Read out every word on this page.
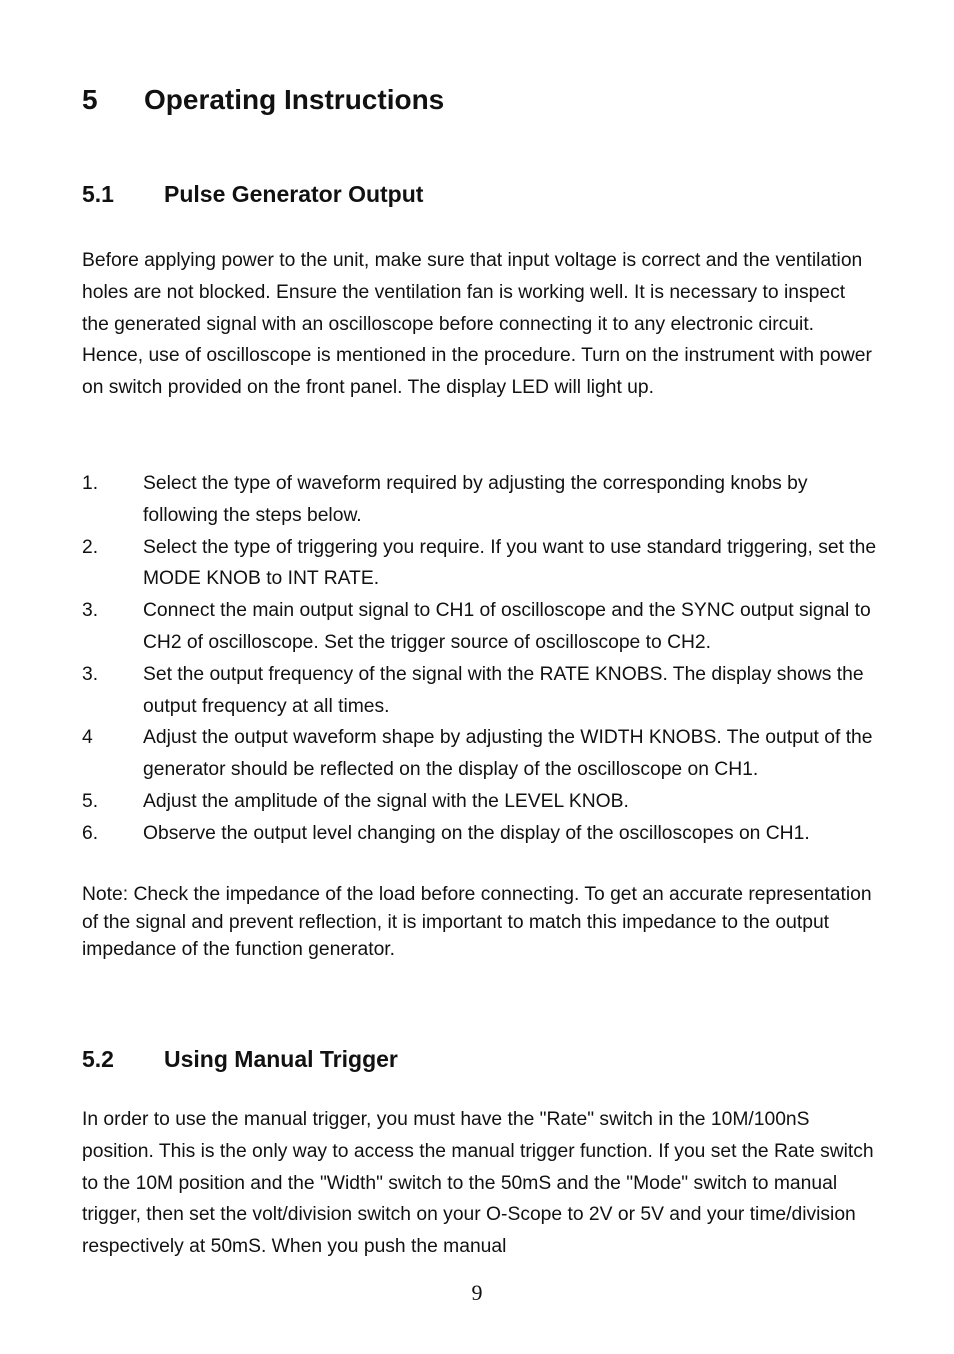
5 Operating Instructions
5.1 Pulse Generator Output
Before applying power to the unit, make sure that input voltage is correct and the ventilation holes are not blocked. Ensure the ventilation fan is working well. It is necessary to inspect the generated signal with an oscilloscope before connecting it to any electronic circuit. Hence, use of oscilloscope is mentioned in the procedure. Turn on the instrument with power on switch provided on the front panel. The display LED will light up.
1. Select the type of waveform required by adjusting the corresponding knobs by following the steps below.
2. Select the type of triggering you require. If you want to use standard triggering, set the MODE KNOB to INT RATE.
3. Connect the main output signal to CH1 of oscilloscope and the SYNC output signal to CH2 of oscilloscope. Set the trigger source of oscilloscope to CH2.
3. Set the output frequency of the signal with the RATE KNOBS. The display shows the output frequency at all times.
4	Adjust the output waveform shape by adjusting the WIDTH KNOBS. The output of the generator should be reflected on the display of the oscilloscope on CH1.
5. Adjust the amplitude of the signal with the LEVEL KNOB.
6. Observe the output level changing on the display of the oscilloscopes on CH1.
Note: Check the impedance of the load before connecting. To get an accurate representation of the signal and prevent reflection, it is important to match this impedance to the output impedance of the function generator.
5.2 Using Manual Trigger
In order to use the manual trigger, you must have the "Rate" switch in the 10M/100nS position. This is the only way to access the manual trigger function. If you set the Rate switch to the 10M position and the "Width" switch to the 50mS and the "Mode" switch to manual trigger, then set the volt/division switch on your O-Scope to 2V or 5V and your time/division respectively at 50mS. When you push the manual
9
